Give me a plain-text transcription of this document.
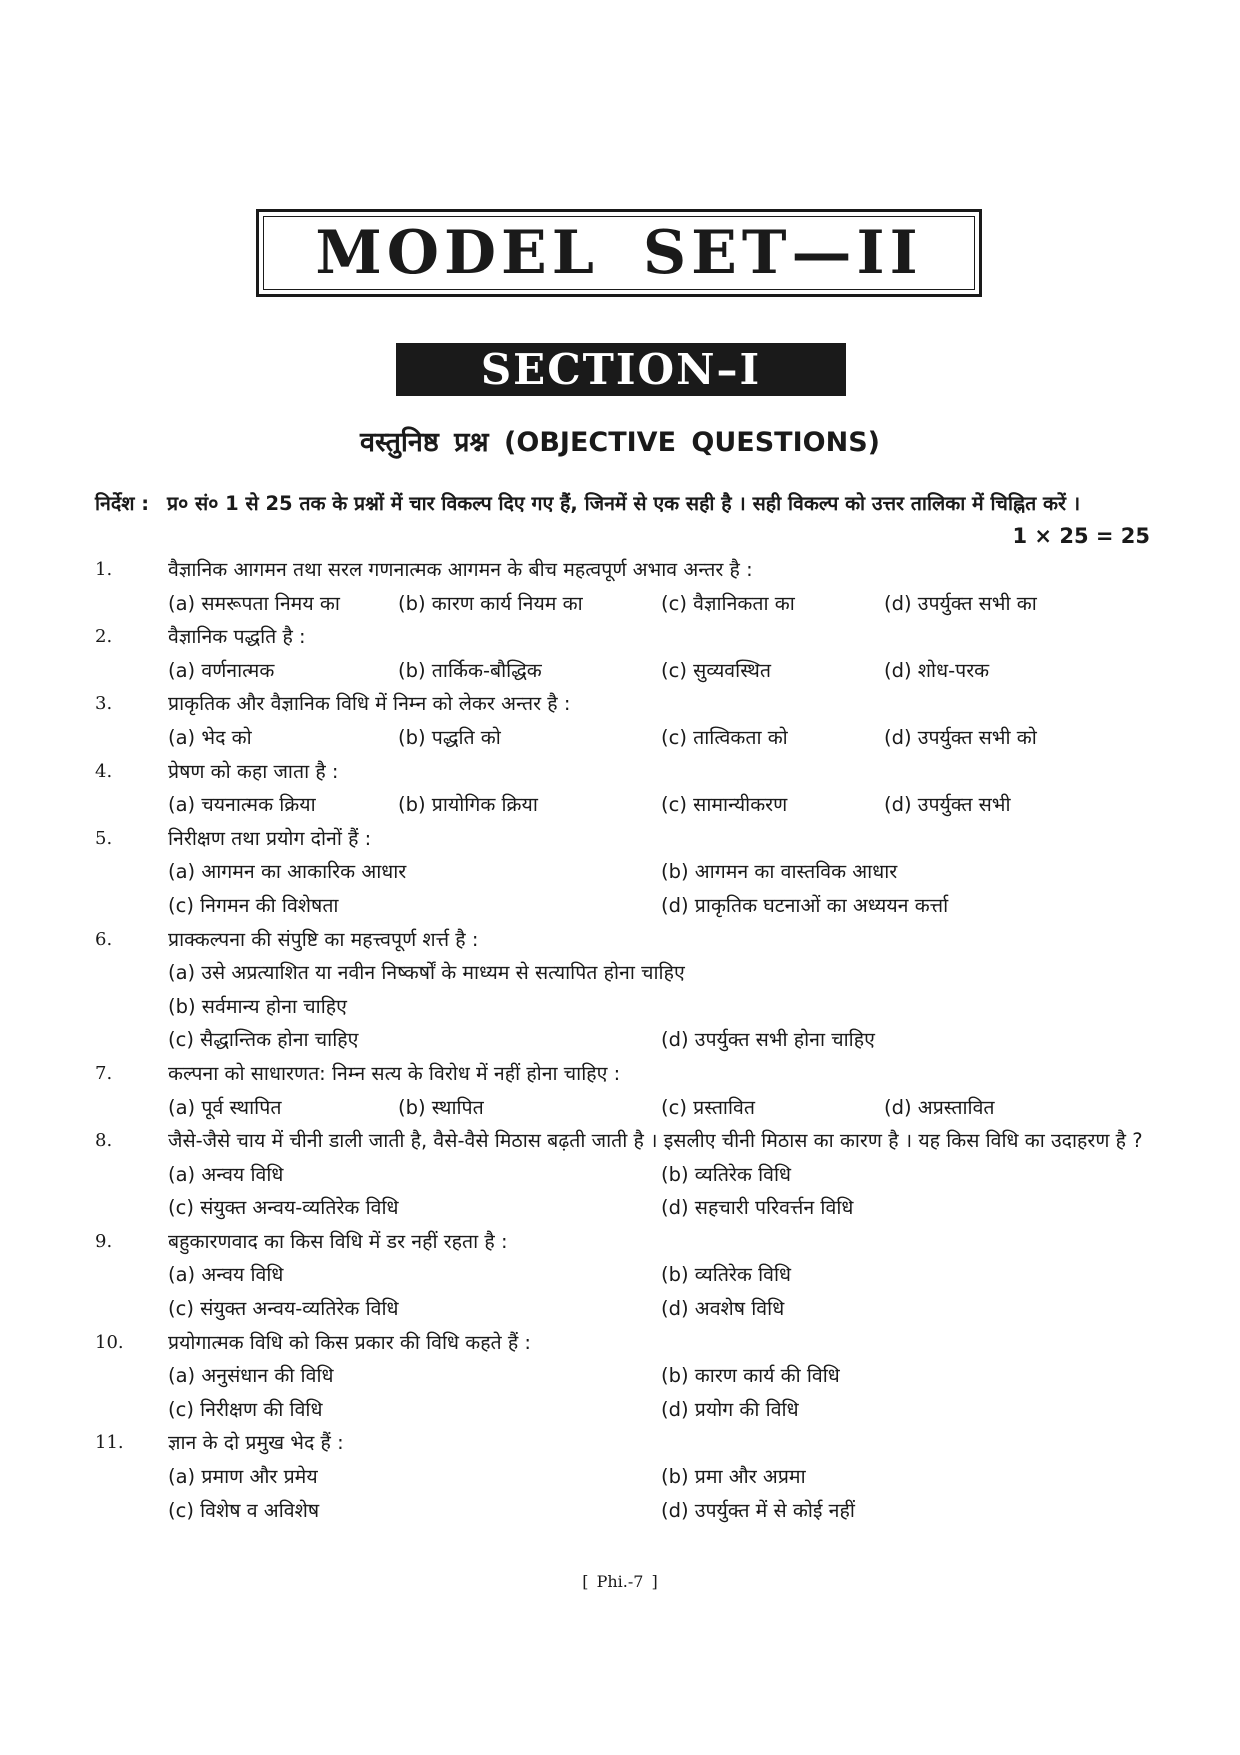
MODEL SET—II
SECTION–I
वस्तुनिष्ठ प्रश्न (OBJECTIVE QUESTIONS)
निर्देश : प्र० सं० 1 से 25 तक के प्रश्नों में चार विकल्प दिए गए हैं, जिनमें से एक सही है । सही विकल्प को उत्तर तालिका में चिह्नित करें ।
1 × 25 = 25
1.	वैज्ञानिक आगमन तथा सरल गणनात्मक आगमन के बीच महत्वपूर्ण अभाव अन्तर है :
(a) समरूपता निमय का	(b) कारण कार्य नियम का	(c) वैज्ञानिकता का	(d) उपर्युक्त सभी का
2.	वैज्ञानिक पद्धति है :
(a) वर्णनात्मक	(b) तार्किक-बौद्धिक	(c) सुव्यवस्थित	(d) शोध-परक
3.	प्राकृतिक और वैज्ञानिक विधि में निम्न को लेकर अन्तर है :
(a) भेद को	(b) पद्धति को	(c) तात्विकता को	(d) उपर्युक्त सभी को
4.	प्रेषण को कहा जाता है :
(a) चयनात्मक क्रिया	(b) प्रायोगिक क्रिया	(c) सामान्यीकरण	(d) उपर्युक्त सभी
5.	निरीक्षण तथा प्रयोग दोनों हैं :
(a) आगमन का आकारिक आधार	(b) आगमन का वास्तविक आधार
(c) निगमन की विशेषता	(d) प्राकृतिक घटनाओं का अध्ययन कर्त्ता
6.	प्राक्कल्पना की संपुष्टि का महत्त्वपूर्ण शर्त्त है :
(a) उसे अप्रत्याशित या नवीन निष्कर्षों के माध्यम से सत्यापित होना चाहिए
(b) सर्वमान्य होना चाहिए
(c) सैद्धान्तिक होना चाहिए	(d) उपर्युक्त सभी होना चाहिए
7.	कल्पना को साधारणत: निम्न सत्य के विरोध में नहीं होना चाहिए :
(a) पूर्व स्थापित	(b) स्थापित	(c) प्रस्तावित	(d) अप्रस्तावित
8.	जैसे-जैसे चाय में चीनी डाली जाती है, वैसे-वैसे मिठास बढ़ती जाती है । इसलीए चीनी मिठास का कारण है । यह किस विधि का उदाहरण है ?
(a) अन्वय विधि	(b) व्यतिरेक विधि
(c) संयुक्त अन्वय-व्यतिरेक विधि	(d) सहचारी परिवर्त्तन विधि
9.	बहुकारणवाद का किस विधि में डर नहीं रहता है :
(a) अन्वय विधि	(b) व्यतिरेक विधि
(c) संयुक्त अन्वय-व्यतिरेक विधि	(d) अवशेष विधि
10. प्रयोगात्मक विधि को किस प्रकार की विधि कहते हैं :
(a) अनुसंधान की विधि	(b) कारण कार्य की विधि
(c) निरीक्षण की विधि	(d) प्रयोग की विधि
11. ज्ञान के दो प्रमुख भेद हैं :
(a) प्रमाण और प्रमेय	(b) प्रमा और अप्रमा
(c) विशेष व अविशेष	(d) उपर्युक्त में से कोई नहीं
[ Phi.-7 ]
